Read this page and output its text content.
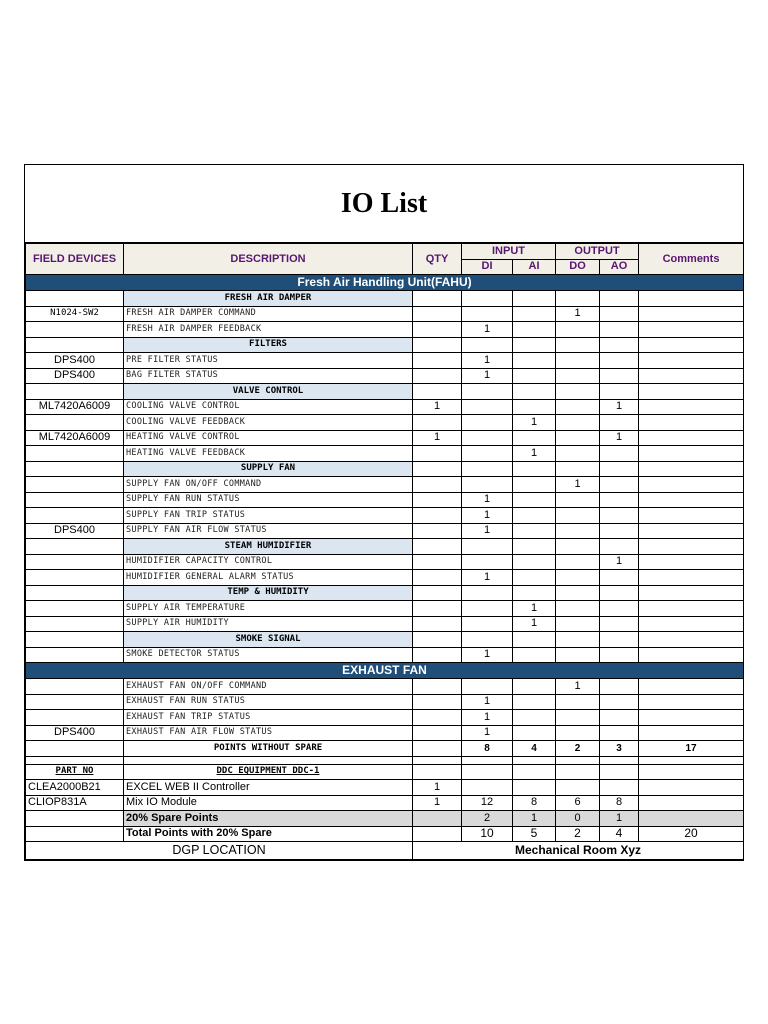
IO List
FIELD DEVICES	DESCRIPTION	QTY	INPUT		OUTPUT		Comments
			DI	AI	DO	AO	
Fresh Air Handling Unit(FAHU)							
	FRESH AIR DAMPER						
N1024-SW2	FRESH AIR DAMPER COMMAND				1		
	FRESH AIR DAMPER FEEDBACK		1				
	FILTERS						
DPS400	PRE FILTER STATUS		1				
DPS400	BAG FILTER STATUS		1				
	VALVE CONTROL						
ML7420A6009	COOLING VALVE CONTROL	1				1	
	COOLING VALVE FEEDBACK			1			
ML7420A6009	HEATING VALVE CONTROL	1				1	
	HEATING VALVE FEEDBACK			1			
	SUPPLY FAN						
	SUPPLY FAN ON/OFF COMMAND				1		
	SUPPLY FAN RUN STATUS		1				
	SUPPLY FAN TRIP STATUS		1				
DPS400	SUPPLY FAN AIR FLOW STATUS		1				
	STEAM HUMIDIFIER						
	HUMIDIFIER CAPACITY CONTROL					1	
	HUMIDIFIER GENERAL ALARM STATUS		1				
	TEMP & HUMIDITY						
	SUPPLY AIR TEMPERATURE			1			
	SUPPLY AIR HUMIDITY			1			
	SMOKE SIGNAL						
	SMOKE DETECTOR STATUS		1				
EXHAUST FAN							
	EXHAUST FAN ON/OFF COMMAND				1		
	EXHAUST FAN RUN STATUS		1				
	EXHAUST FAN TRIP STATUS		1				
DPS400	EXHAUST FAN AIR FLOW STATUS		1				
	POINTS WITHOUT SPARE		8	4	2	3	17

PART NO	DDC EQUIPMENT DDC-1						
CLEA2000B21	EXCEL WEB II Controller	1					
CLIOP831A	Mix IO Module	1	12	8	6	8	
	20% Spare Points		2	1	0	1	
	Total Points with 20% Spare		10	5	2	4	20
DGP LOCATION		Mechanical Room Xyz					
